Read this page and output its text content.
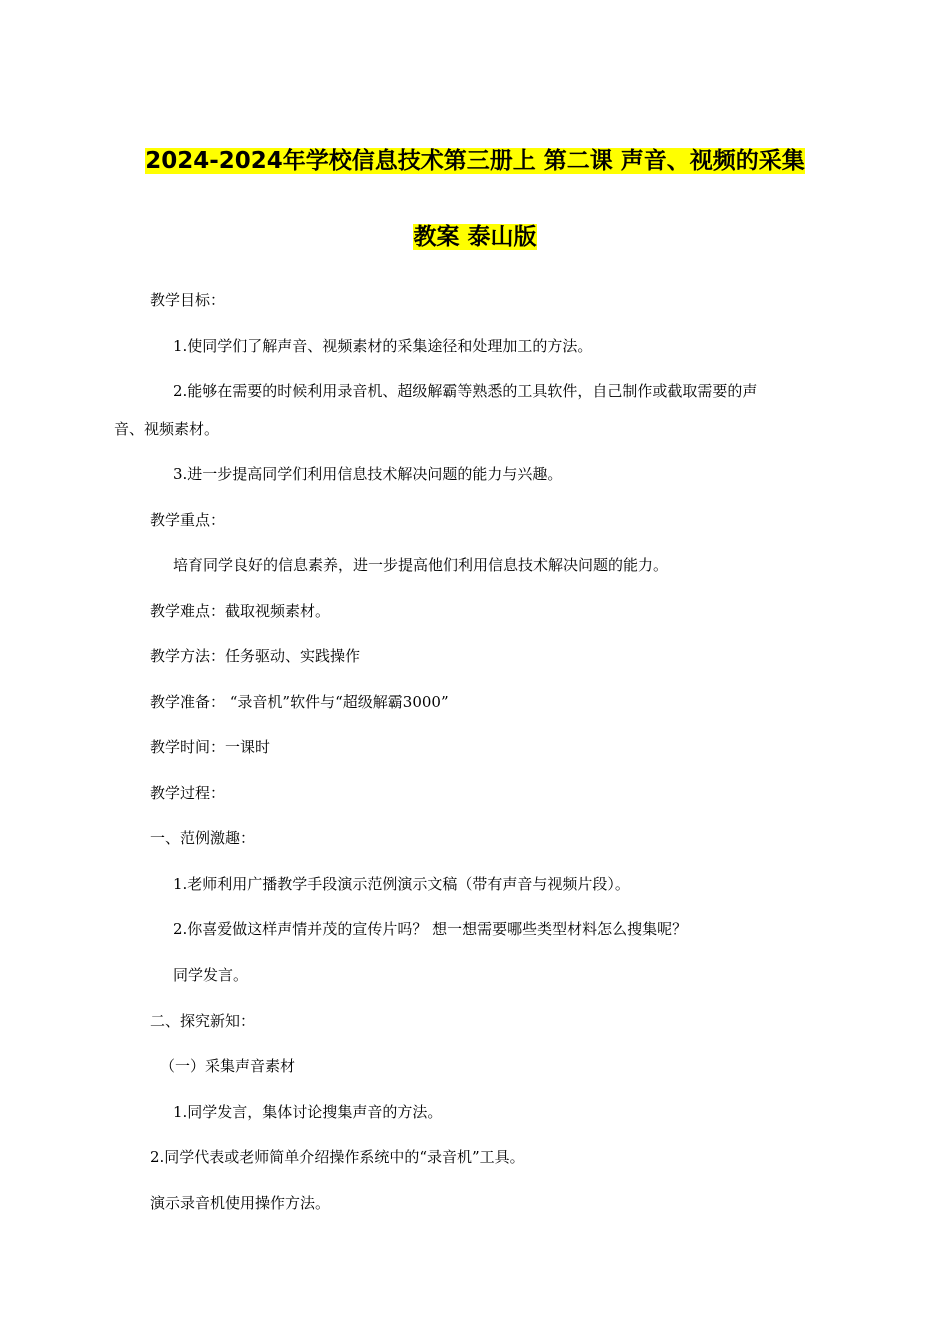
2024-2024年学校信息技术第三册上 第二课 声音、视频的采集
教案 泰山版
教学目标：
1.使同学们了解声音、视频素材的采集途径和处理加工的方法。
2.能够在需要的时候利用录音机、超级解霸等熟悉的工具软件，自己制作或截取需要的声
音、视频素材。
3.进一步提高同学们利用信息技术解决问题的能力与兴趣。
教学重点：
培育同学良好的信息素养，进一步提高他们利用信息技术解决问题的能力。
教学难点：截取视频素材。
教学方法：任务驱动、实践操作
教学准备： “录音机”软件与“超级解霸3000”
教学时间：一课时
教学过程：
一、范例激趣：
1.老师利用广播教学手段演示范例演示文稿（带有声音与视频片段）。
2.你喜爱做这样声情并茂的宣传片吗？ 想一想需要哪些类型材料怎么搜集呢？
同学发言。
二、探究新知：
（一）采集声音素材
1.同学发言，集体讨论搜集声音的方法。
2.同学代表或老师简单介绍操作系统中的“录音机”工具。
演示录音机使用操作方法。
